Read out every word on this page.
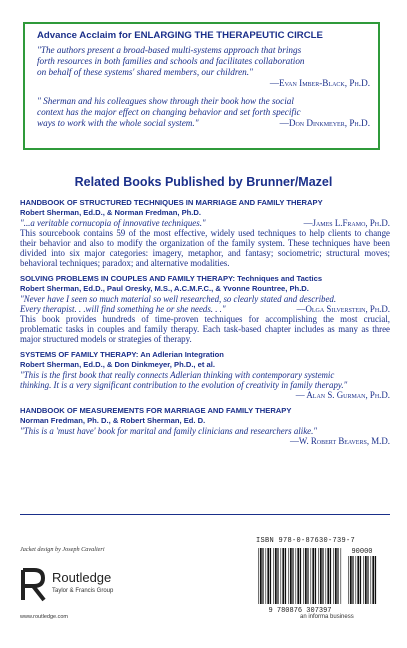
Advance Acclaim for ENLARGING THE THERAPEUTIC CIRCLE
"The authors present a broad-based multi-systems approach that brings
forth resources in both families and schools and facilitates collaboration
on behalf of these systems' shared members, our children."
—Evan Imber-Black, Ph.D.
" Sherman and his colleagues show through their book how the social
context has the major effect on changing behavior and set forth specific
ways to work with the whole social system."	—Don Dinkmeyer, Ph.D.
Related Books Published by Brunner/Mazel
HANDBOOK OF STRUCTURED TECHNIQUES IN MARRIAGE AND FAMILY THERAPY
Robert Sherman, Ed.D., & Norman Fredman, Ph.D.
"...a veritable cornucopia of innovative techniques."	—James L.Framo, Ph.D.
This sourcebook contains 59 of the most effective, widely used techniques to help clients to change their behavior and also to modify the organization of the family system. These techniques have been divided into six major categories: imagery, metaphor, and fantasy; sociometric; structural moves; behavioral techniques; paradox; and alternative modalities.
SOLVING PROBLEMS IN COUPLES AND FAMILY THERAPY: Techniques and Tactics
Robert Sherman, Ed.D., Paul Oresky, M.S., A.C.M.F.C., & Yvonne Rountree, Ph.D.
"Never have I seen so much material so well researched, so clearly stated and described.
Every therapist. . .will find something he or she needs. . ."	—Olga Silverstein, Ph.D.
This book provides hundreds of time-proven techniques for accomplishing the most crucial, problematic tasks in couples and family therapy. Each task-based chapter includes as many as three major structured models or strategies of therapy.
SYSTEMS OF FAMILY THERAPY: An Adlerian Integration
Robert Sherman, Ed.D., & Don Dinkmeyer, Ph.D., et al.
"This is the first book that really connects Adlerian thinking with contemporary systemic
thinking. It is a very significant contribution to the evolution of creativity in family therapy."
— Alan S. Gurman, Ph.D.
HANDBOOK OF MEASUREMENTS FOR MARRIAGE AND FAMILY THERAPY
Norman Fredman, Ph. D., & Robert Sherman, Ed. D.
"This is a 'must have' book for marital and family clinicians and researchers alike."
—W. Robert Beavers, M.D.
Jacket design by Joseph Cavalieri
Routledge
Taylor & Francis Group
www.routledge.com
ISBN 978-0-87630-739-7
90000
9 780876 307397
an informa business
